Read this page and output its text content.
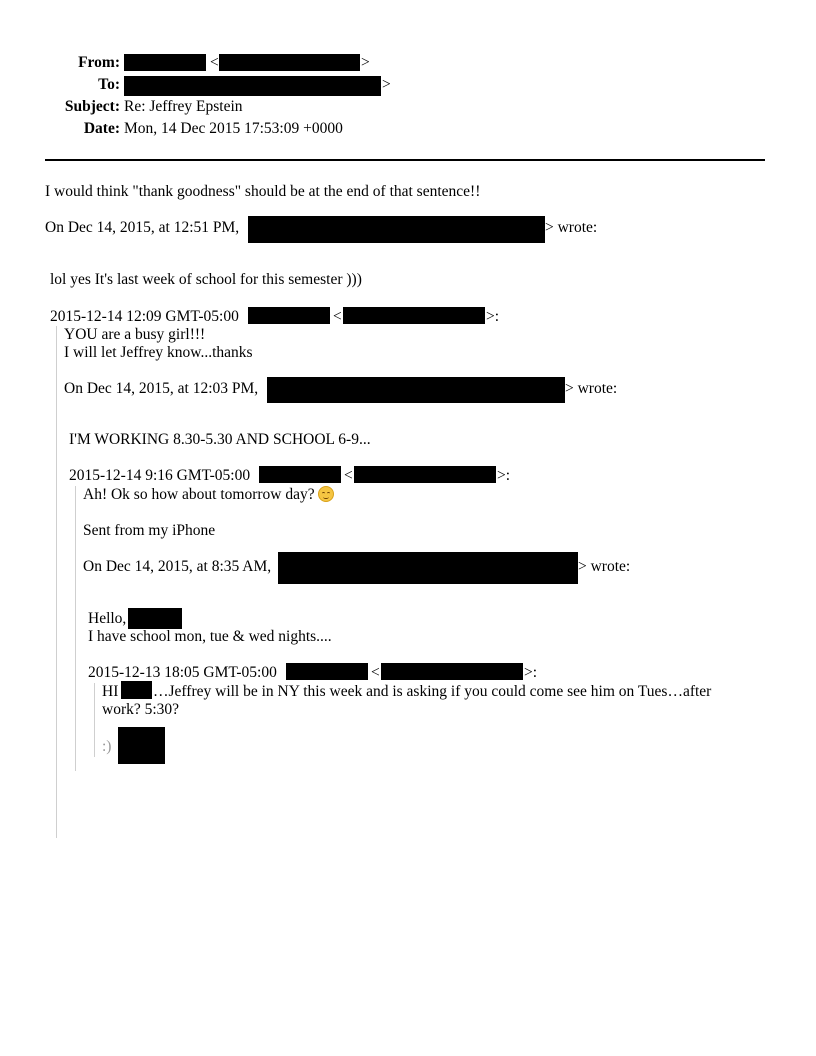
From:	<	>
To:	>
Subject: Re: Jeffrey Epstein
Date: Mon, 14 Dec 2015 17:53:09 +0000
I would think "thank goodness" should be at the end of that sentence!!
On Dec 14, 2015, at 12:51 PM,	> wrote:
lol yes It's last week of school for this semester )))
2015-12-14 12:09 GMT-05:00	<	>:
YOU are a busy girl!!!
I will let Jeffrey know...thanks
On Dec 14, 2015, at 12:03 PM,	> wrote:
I'M WORKING 8.30-5.30 AND SCHOOL 6-9...
2015-12-14 9:16 GMT-05:00	<	>:
Ah! Ok so how about tomorrow day?
Sent from my iPhone
On Dec 14, 2015, at 8:35 AM,	> wrote:
Hello,
I have school mon, tue & wed nights....
2015-12-13 18:05 GMT-05:00	<	>:
HI …Jeffrey will be in NY this week and is asking if you could come see him on Tues…after
work? 5:30?
:)
